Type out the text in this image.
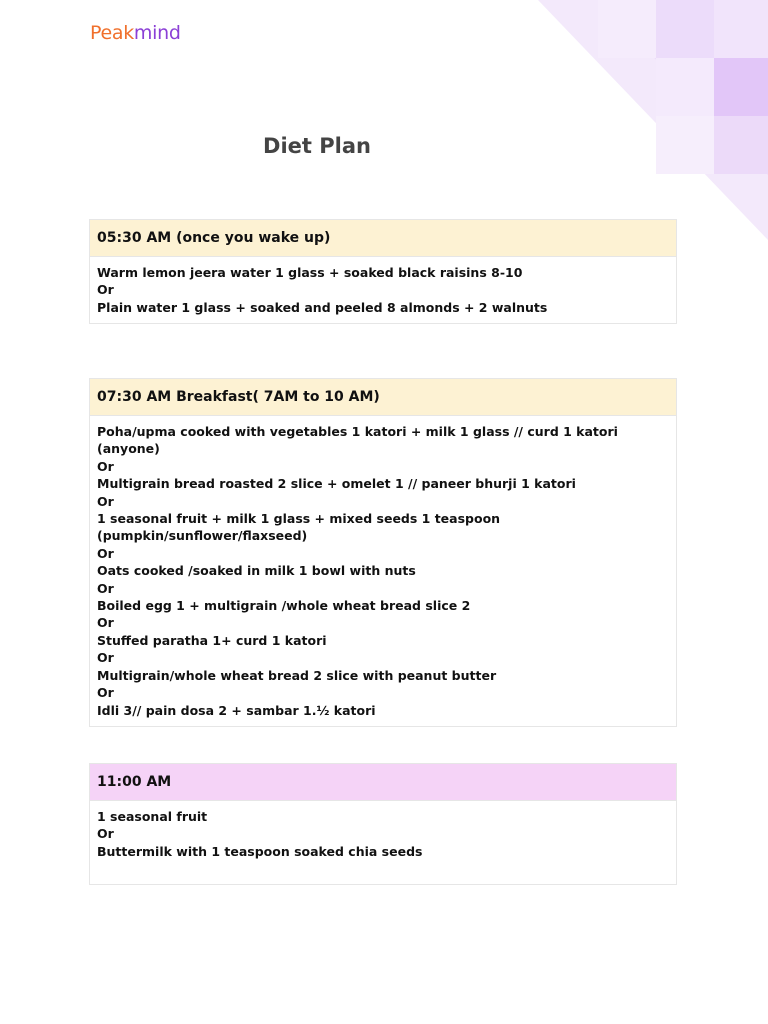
Peakmind
Diet Plan
05:30 AM (once you wake up)
Warm lemon jeera water 1 glass + soaked black raisins 8-10
Or
Plain water 1 glass + soaked and peeled 8 almonds + 2 walnuts
07:30 AM Breakfast( 7AM to 10 AM)
Poha/upma cooked with vegetables 1 katori + milk 1 glass // curd 1 katori (anyone)
Or
Multigrain bread roasted 2 slice + omelet 1 // paneer bhurji 1 katori
Or
1 seasonal fruit + milk 1 glass + mixed seeds 1 teaspoon (pumpkin/sunflower/flaxseed)
Or
Oats cooked /soaked in milk 1 bowl with nuts
Or
Boiled egg 1 + multigrain /whole wheat bread slice 2
Or
Stuffed paratha 1+ curd 1 katori
Or
Multigrain/whole wheat bread 2 slice with peanut butter
Or
Idli 3// pain dosa 2 + sambar 1.½ katori
11:00 AM
1 seasonal fruit
Or
Buttermilk with 1 teaspoon soaked chia seeds
